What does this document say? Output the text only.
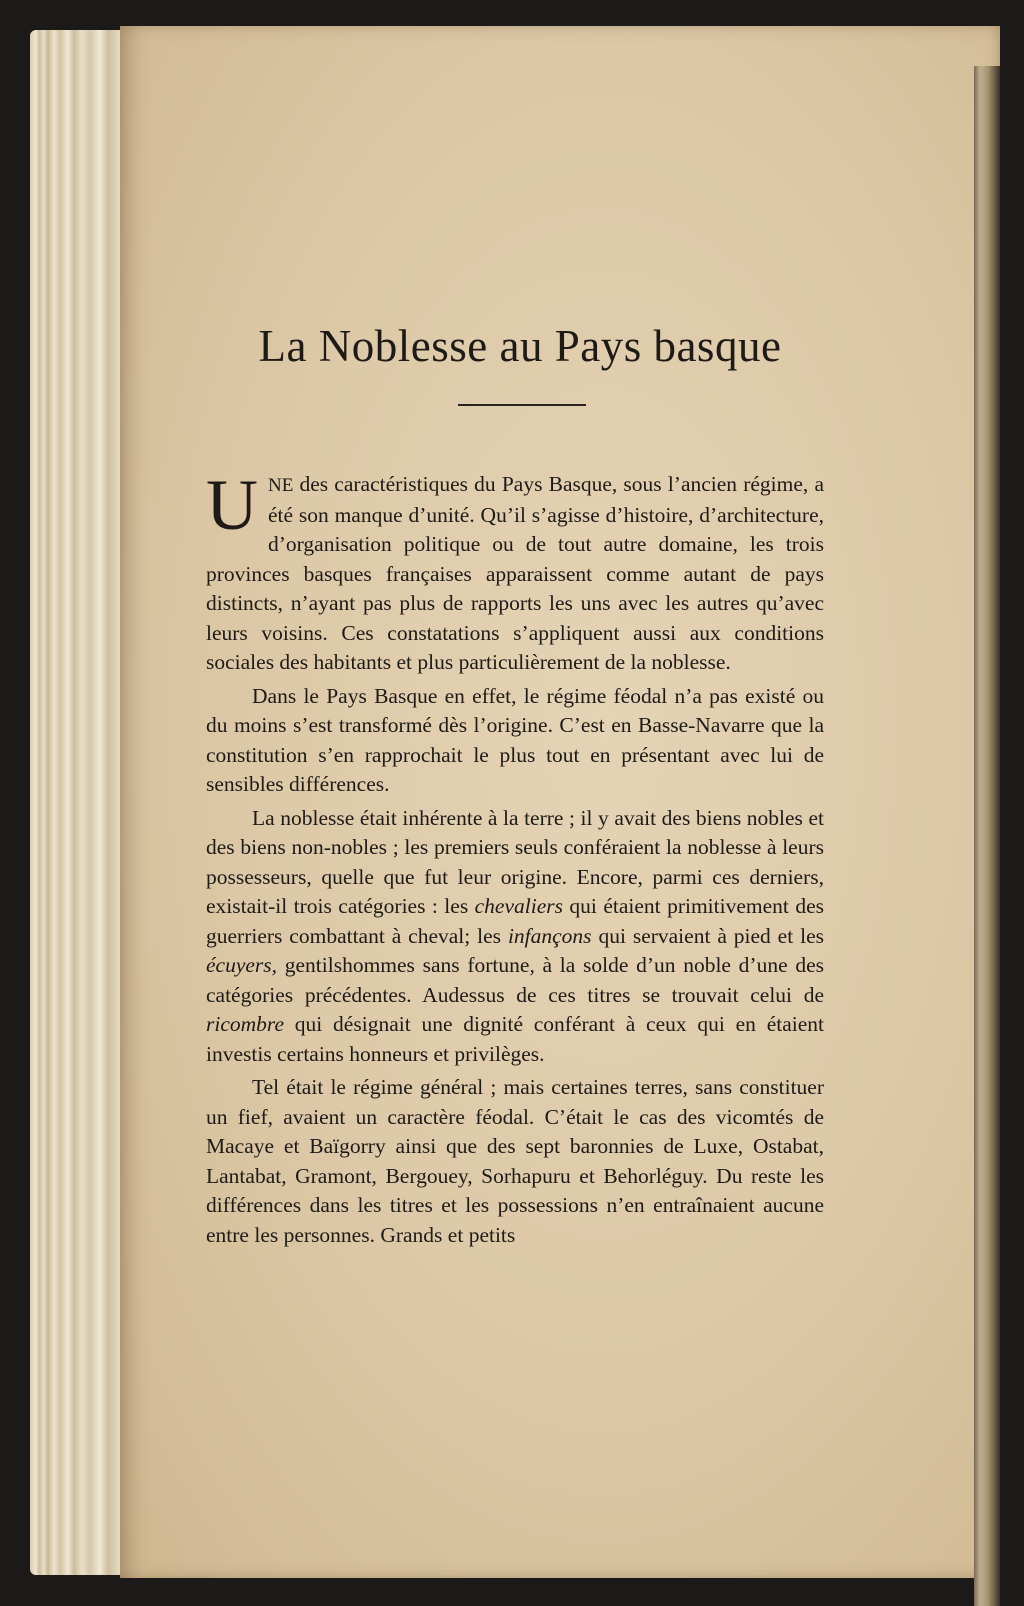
La Noblesse au Pays basque

UNE des caractéristiques du Pays Basque, sous l’ancien régime, a été son manque d’unité. Qu’il s’agisse d’histoire, d’architecture, d’organisation politique ou de tout autre domaine, les trois provinces basques françaises apparaissent comme autant de pays distincts, n’ayant pas plus de rapports les uns avec les autres qu’avec leurs voisins. Ces constatations s’appliquent aussi aux conditions sociales des habitants et plus particulièrement de la noblesse.

Dans le Pays Basque en effet, le régime féodal n’a pas existé ou du moins s’est transformé dès l’origine. C’est en Basse-Navarre que la constitution s’en rapprochait le plus tout en présentant avec lui de sensibles différences.

La noblesse était inhérente à la terre ; il y avait des biens nobles et des biens non-nobles ; les premiers seuls conféraient la noblesse à leurs possesseurs, quelle que fut leur origine. Encore, parmi ces derniers, existait-il trois catégories : les chevaliers qui étaient primitivement des guerriers combattant à cheval; les infançons qui servaient à pied et les écuyers, gentilshommes sans fortune, à la solde d’un noble d’une des catégories précédentes. Audessus de ces titres se trouvait celui de ricombre qui désignait une dignité conférant à ceux qui en étaient investis certains honneurs et privilèges.

Tel était le régime général ; mais certaines terres, sans constituer un fief, avaient un caractère féodal. C’était le cas des vicomtés de Macaye et Baïgorry ainsi que des sept baronnies de Luxe, Ostabat, Lantabat, Gramont, Bergouey, Sorhapuru et Behorléguy. Du reste les différences dans les titres et les possessions n’en entraînaient aucune entre les personnes. Grands et petits
